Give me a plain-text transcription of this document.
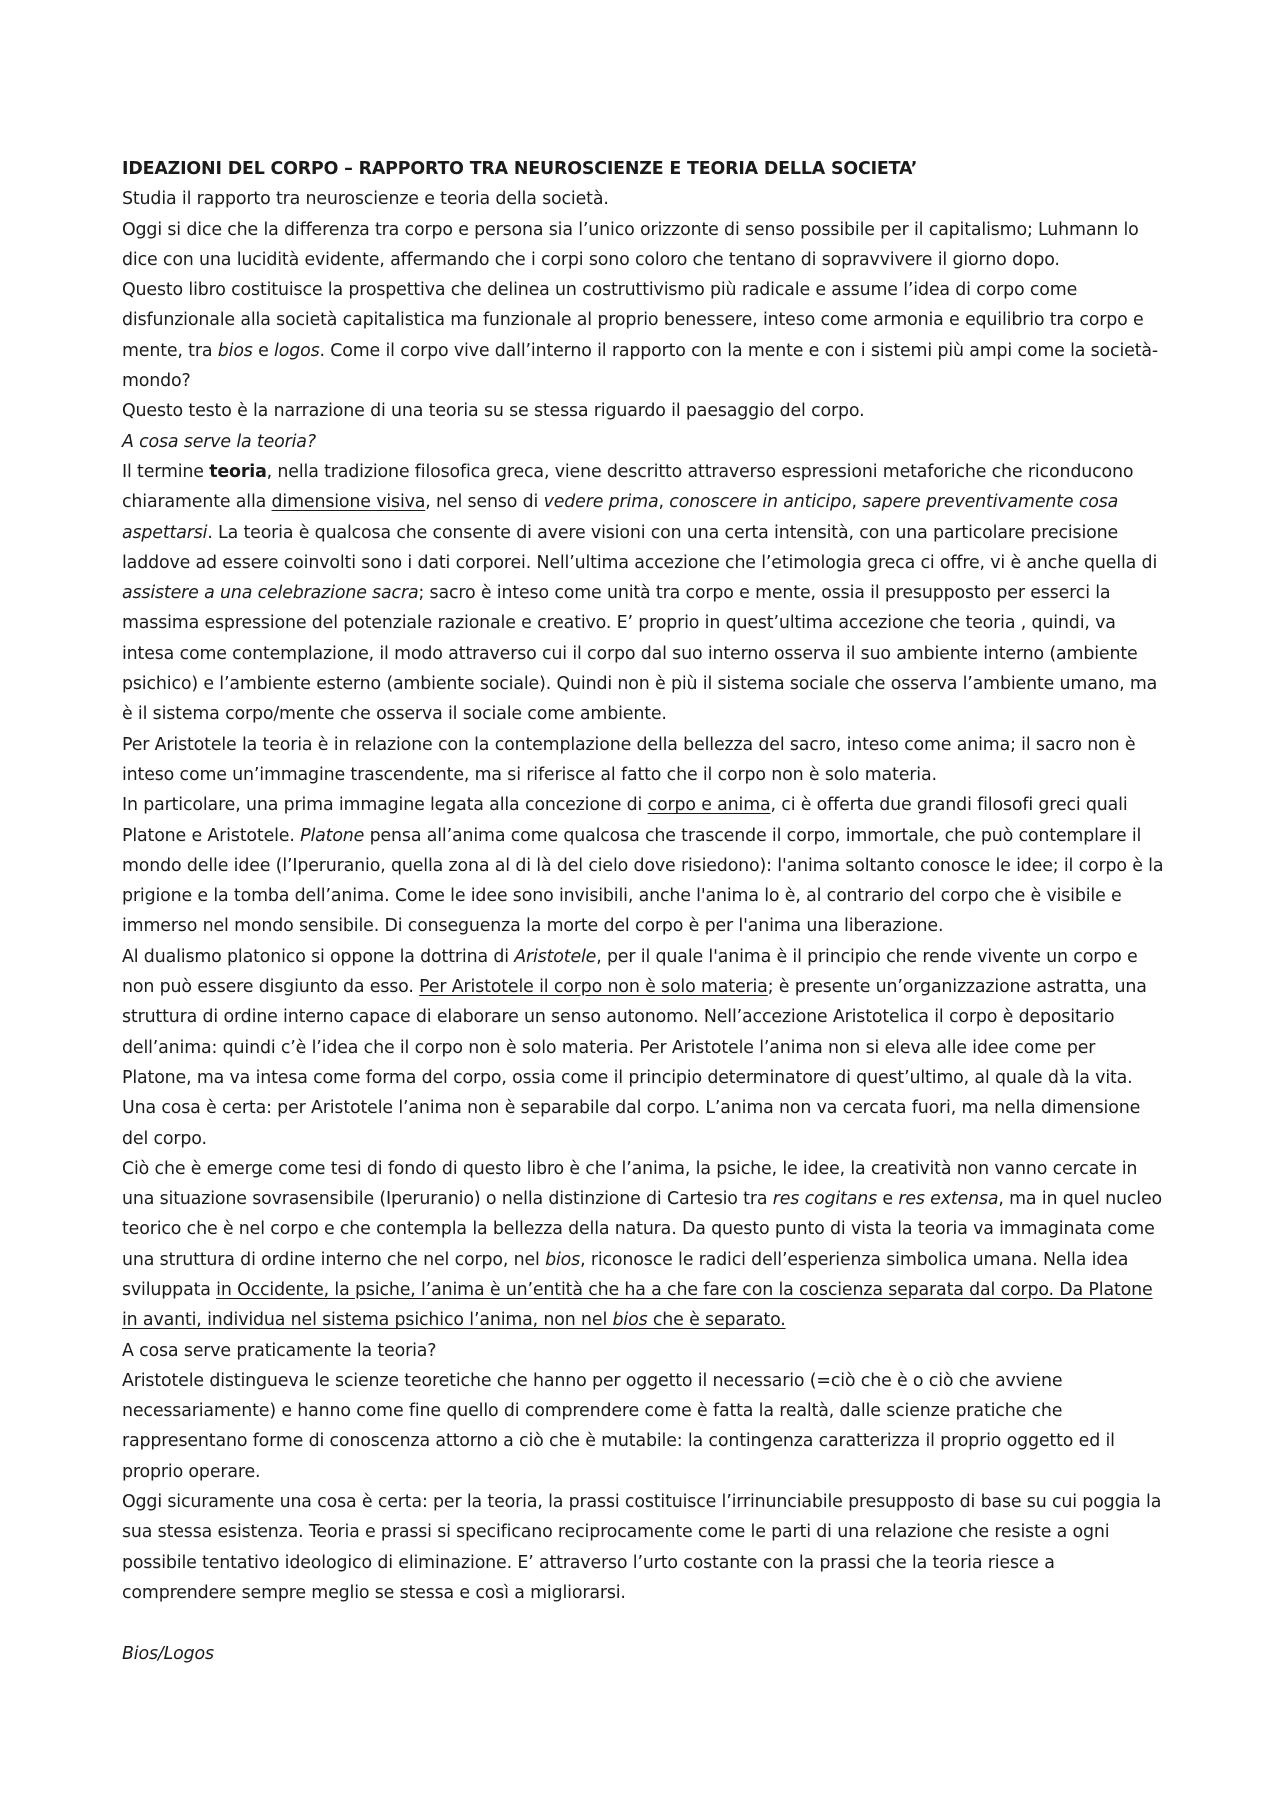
IDEAZIONI DEL CORPO – RAPPORTO TRA NEUROSCIENZE E TEORIA DELLA SOCIETA’

Studia il rapporto tra neuroscienze e teoria della società.

Oggi si dice che la differenza tra corpo e persona sia l’unico orizzonte di senso possibile per il capitalismo; Luhmann lo dice con una lucidità evidente, affermando che i corpi sono coloro che tentano di sopravvivere il giorno dopo.

Questo libro costituisce la prospettiva che delinea un costruttivismo più radicale e assume l’idea di corpo come disfunzionale alla società capitalistica ma funzionale al proprio benessere, inteso come armonia e equilibrio tra corpo e mente, tra bios e logos. Come il corpo vive dall’interno il rapporto con la mente e con i sistemi più ampi come la società-mondo?

Questo testo è la narrazione di una teoria su se stessa riguardo il paesaggio del corpo.

A cosa serve la teoria?

Il termine teoria, nella tradizione filosofica greca, viene descritto attraverso espressioni metaforiche che riconducono chiaramente alla dimensione visiva, nel senso di vedere prima, conoscere in anticipo, sapere preventivamente cosa aspettarsi. La teoria è qualcosa che consente di avere visioni con una certa intensità, con una particolare precisione laddove ad essere coinvolti sono i dati corporei. Nell’ultima accezione che l’etimologia greca ci offre, vi è anche quella di assistere a una celebrazione sacra; sacro è inteso come unità tra corpo e mente, ossia il presupposto per esserci la massima espressione del potenziale razionale e creativo. E’ proprio in quest’ultima accezione che teoria , quindi, va intesa come contemplazione, il modo attraverso cui il corpo dal suo interno osserva il suo ambiente interno (ambiente psichico) e l’ambiente esterno (ambiente sociale). Quindi non è più il sistema sociale che osserva l’ambiente umano, ma è il sistema corpo/mente che osserva il sociale come ambiente.

Per Aristotele la teoria è in relazione con la contemplazione della bellezza del sacro, inteso come anima; il sacro non è inteso come un’immagine trascendente, ma si riferisce al fatto che il corpo non è solo materia.

In particolare, una prima immagine legata alla concezione di corpo e anima, ci è offerta due grandi filosofi greci quali Platone e Aristotele. Platone pensa all’anima come qualcosa che trascende il corpo, immortale, che può contemplare il mondo delle idee (l’Iperuranio, quella zona al di là del cielo dove risiedono): l'anima soltanto conosce le idee; il corpo è la prigione e la tomba dell’anima. Come le idee sono invisibili, anche l'anima lo è, al contrario del corpo che è visibile e immerso nel mondo sensibile. Di conseguenza la morte del corpo è per l'anima una liberazione.

Al dualismo platonico si oppone la dottrina di Aristotele, per il quale l'anima è il principio che rende vivente un corpo e non può essere disgiunto da esso. Per Aristotele il corpo non è solo materia; è presente un’organizzazione astratta, una struttura di ordine interno capace di elaborare un senso autonomo. Nell’accezione Aristotelica il corpo è depositario dell’anima: quindi c’è l’idea che il corpo non è solo materia. Per Aristotele l’anima non si eleva alle idee come per Platone, ma va intesa come forma del corpo, ossia come il principio determinatore di quest’ultimo, al quale dà la vita. Una cosa è certa: per Aristotele l’anima non è separabile dal corpo. L’anima non va cercata fuori, ma nella dimensione del corpo.

Ciò che è emerge come tesi di fondo di questo libro è che l’anima, la psiche, le idee, la creatività non vanno cercate in una situazione sovrasensibile (Iperuranio) o nella distinzione di Cartesio tra res cogitans e res extensa, ma in quel nucleo teorico che è nel corpo e che contempla la bellezza della natura. Da questo punto di vista la teoria va immaginata come una struttura di ordine interno che nel corpo, nel bios, riconosce le radici dell’esperienza simbolica umana. Nella idea sviluppata in Occidente, la psiche, l’anima è un’entità che ha a che fare con la coscienza separata dal corpo. Da Platone in avanti, individua nel sistema psichico l’anima, non nel bios che è separato.

A cosa serve praticamente la teoria?

Aristotele distingueva le scienze teoretiche che hanno per oggetto il necessario (=ciò che è o ciò che avviene necessariamente) e hanno come fine quello di comprendere come è fatta la realtà, dalle scienze pratiche che rappresentano forme di conoscenza attorno a ciò che è mutabile: la contingenza caratterizza il proprio oggetto ed il proprio operare.

Oggi sicuramente una cosa è certa: per la teoria, la prassi costituisce l’irrinunciabile presupposto di base su cui poggia la sua stessa esistenza. Teoria e prassi si specificano reciprocamente come le parti di una relazione che resiste a ogni possibile tentativo ideologico di eliminazione. E’ attraverso l’urto costante con la prassi che la teoria riesce a comprendere sempre meglio se stessa e così a migliorarsi.

Bios/Logos
